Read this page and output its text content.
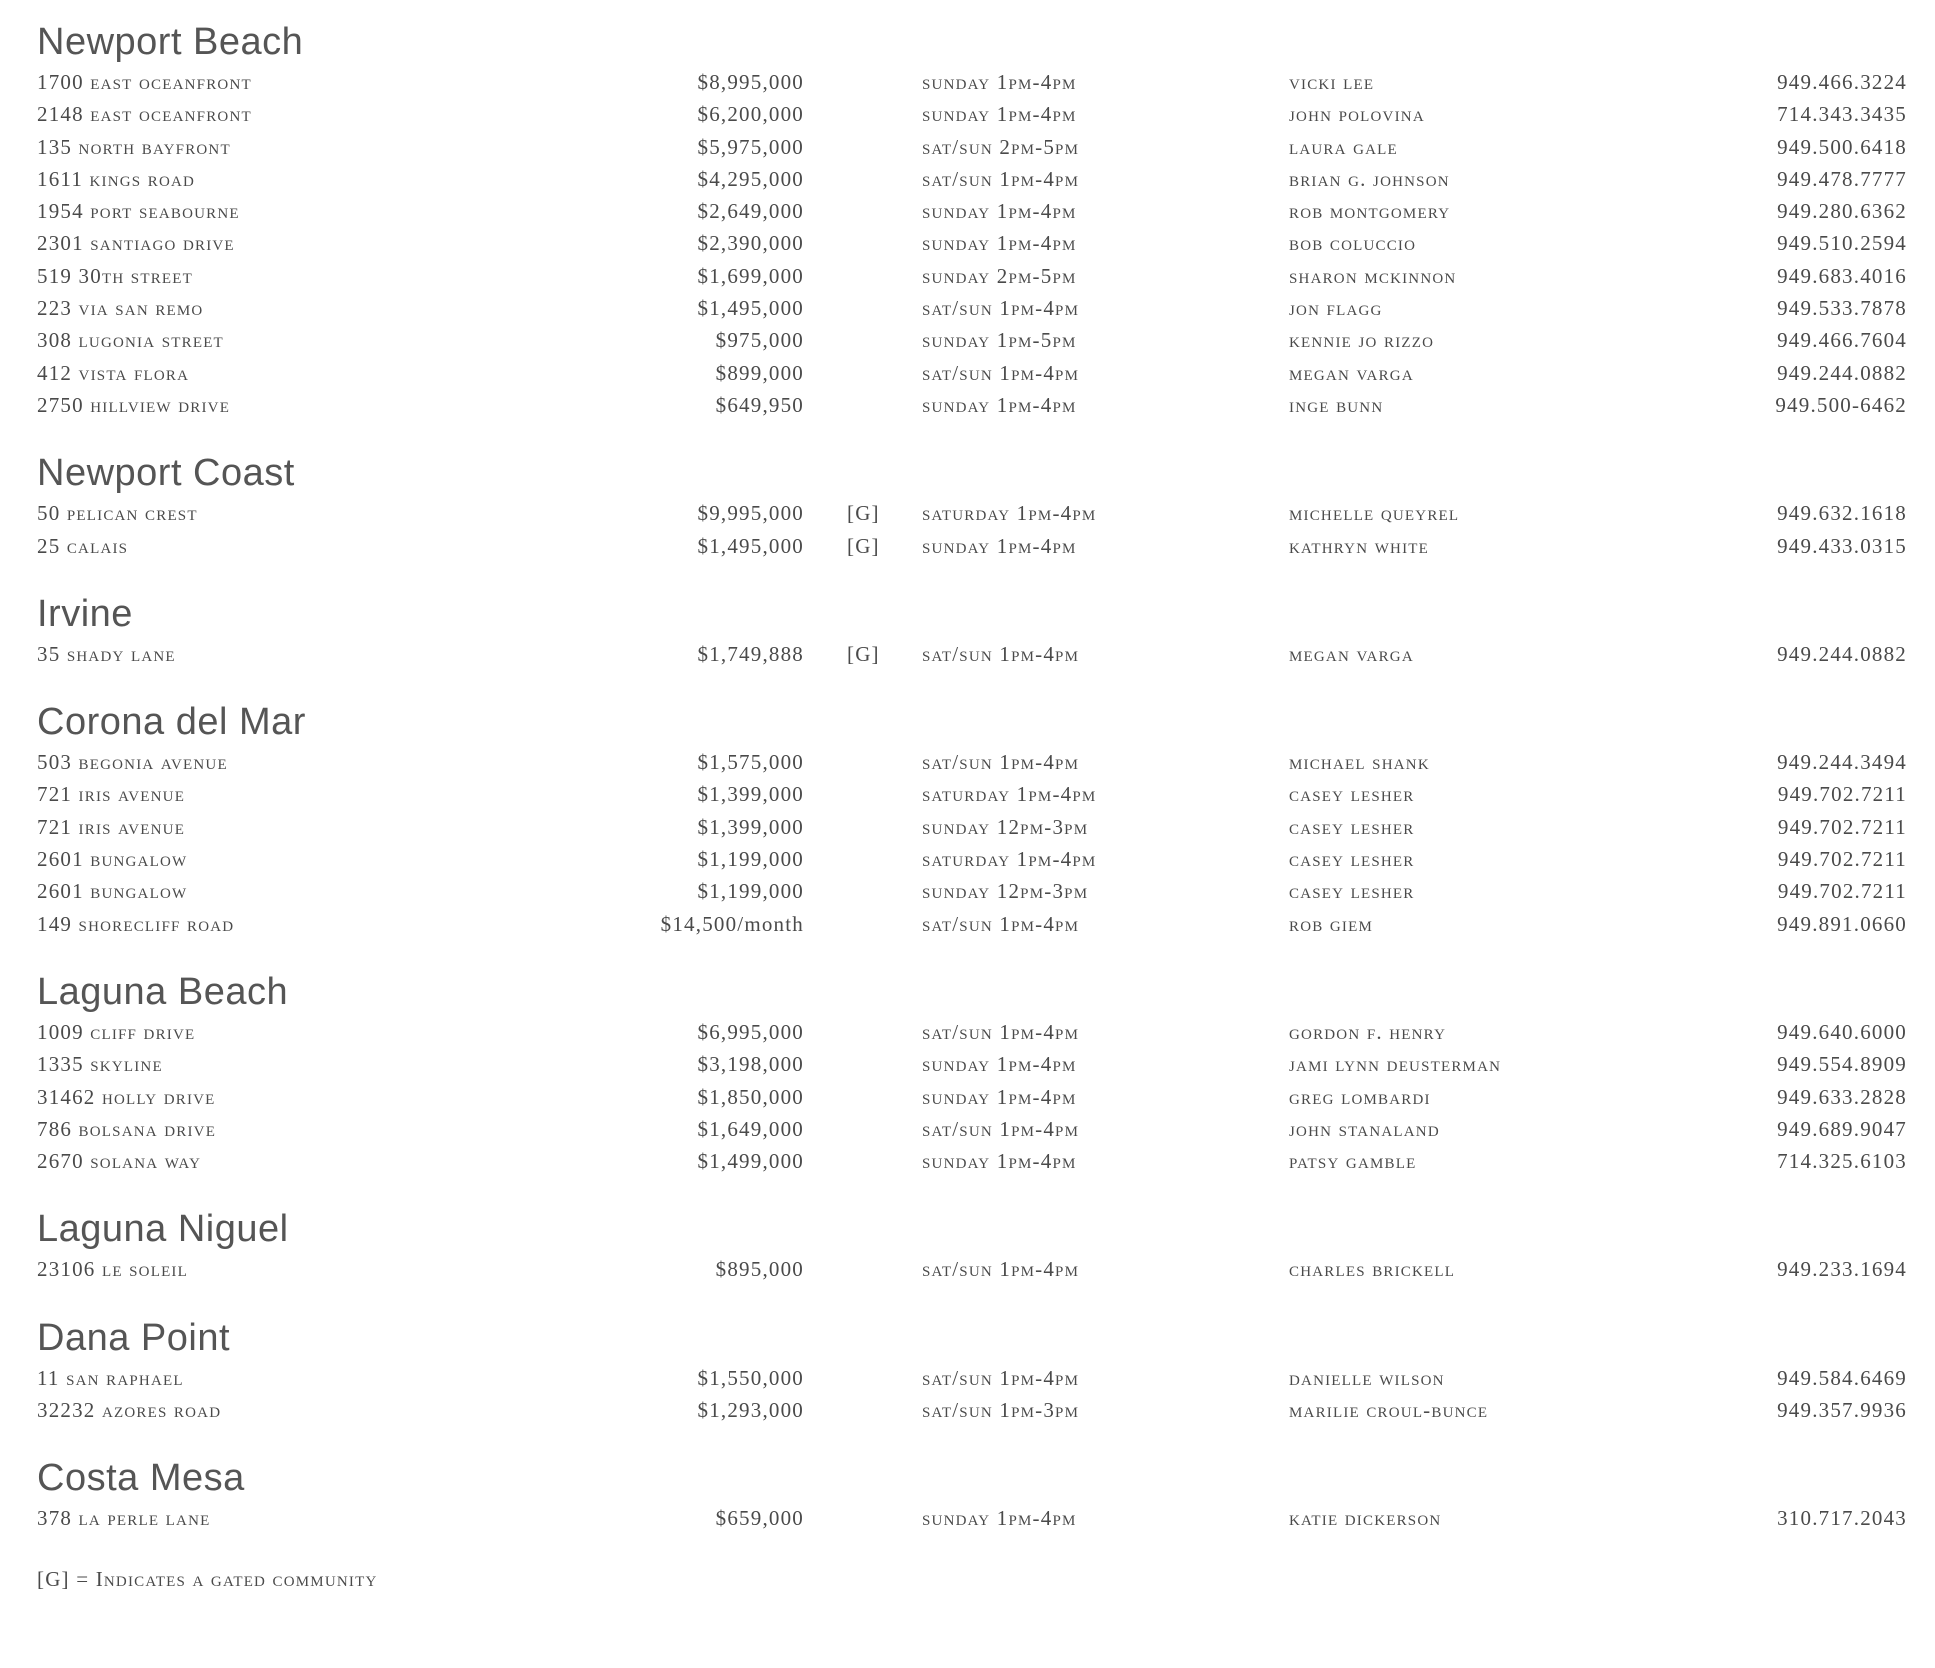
Newport Beach
1700 east oceanfront	$8,995,000	sunday 1pm-4pm	vicki lee	949.466.3224
2148 east oceanfront	$6,200,000	sunday 1pm-4pm	john polovina	714.343.3435
135 north bayfront	$5,975,000	sat/sun 2pm-5pm	laura gale	949.500.6418
1611 kings road	$4,295,000	sat/sun 1pm-4pm	brian g. johnson	949.478.7777
1954 port seabourne	$2,649,000	sunday 1pm-4pm	rob montgomery	949.280.6362
2301 santiago drive	$2,390,000	sunday 1pm-4pm	bob coluccio	949.510.2594
519 30th street	$1,699,000	sunday 2pm-5pm	sharon mckinnon	949.683.4016
223 via san remo	$1,495,000	sat/sun 1pm-4pm	jon flagg	949.533.7878
308 lugonia street	$975,000	sunday 1pm-5pm	kennie jo rizzo	949.466.7604
412 vista flora	$899,000	sat/sun 1pm-4pm	megan varga	949.244.0882
2750 hillview drive	$649,950	sunday 1pm-4pm	inge bunn	949.500-6462
Newport Coast
50 pelican crest	$9,995,000 [G] saturday 1pm-4pm	michelle queyrel	949.632.1618
25 calais	$1,495,000 [G] sunday 1pm-4pm	kathryn white	949.433.0315
Irvine
35 shady lane	$1,749,888 [G] sat/sun 1pm-4pm	megan varga	949.244.0882
Corona del Mar
503 begonia avenue	$1,575,000	sat/sun 1pm-4pm	michael shank	949.244.3494
721 iris avenue	$1,399,000	saturday 1pm-4pm	casey lesher	949.702.7211
721 iris avenue	$1,399,000	sunday 12pm-3pm	casey lesher	949.702.7211
2601 bungalow	$1,199,000	saturday 1pm-4pm	casey lesher	949.702.7211
2601 bungalow	$1,199,000	sunday 12pm-3pm	casey lesher	949.702.7211
149 shorecliff road	$14,500/month	sat/sun 1pm-4pm	rob giem	949.891.0660
Laguna Beach
1009 cliff drive	$6,995,000	sat/sun 1pm-4pm	gordon f. henry	949.640.6000
1335 skyline	$3,198,000	sunday 1pm-4pm	jami lynn deusterman	949.554.8909
31462 holly drive	$1,850,000	sunday 1pm-4pm	greg lombardi	949.633.2828
786 bolsana drive	$1,649,000	sat/sun 1pm-4pm	john stanaland	949.689.9047
2670 solana way	$1,499,000	sunday 1pm-4pm	patsy gamble	714.325.6103
Laguna Niguel
23106 le soleil	$895,000	sat/sun 1pm-4pm	charles brickell	949.233.1694
Dana Point
11 san raphael	$1,550,000	sat/sun 1pm-4pm	danielle wilson	949.584.6469
32232 azores road	$1,293,000	sat/sun 1pm-3pm	marilie croul-bunce	949.357.9936
Costa Mesa
378 la perle lane	$659,000	sunday 1pm-4pm	katie dickerson	310.717.2043
[G] = Indicates a gated community
